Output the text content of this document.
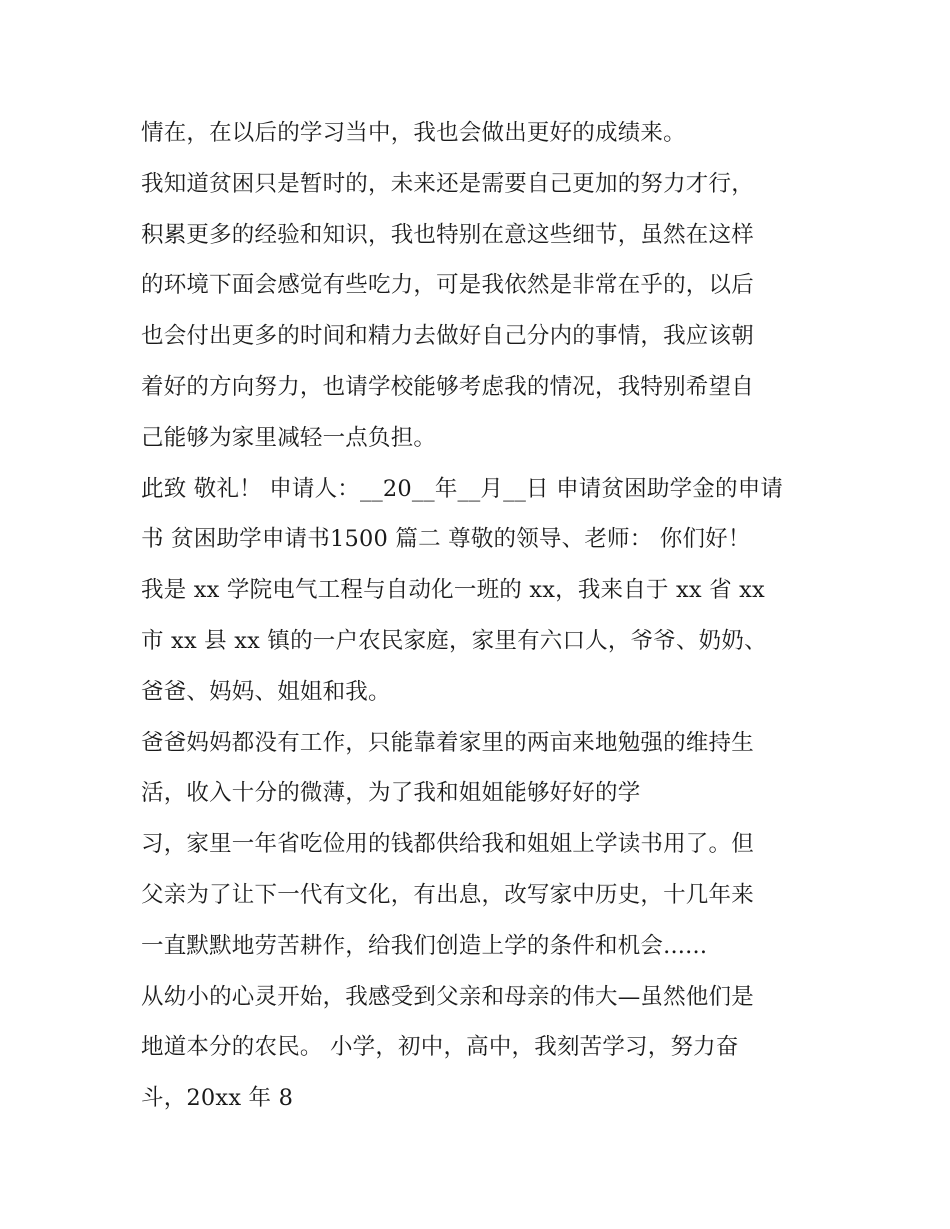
情在，在以后的学习当中，我也会做出更好的成绩来。
我知道贫困只是暂时的，未来还是需要自己更加的努力才行，
积累更多的经验和知识，我也特别在意这些细节，虽然在这样
的环境下面会感觉有些吃力，可是我依然是非常在乎的，以后
也会付出更多的时间和精力去做好自己分内的事情，我应该朝
着好的方向努力，也请学校能够考虑我的情况，我特别希望自
己能够为家里减轻一点负担。
此致 敬礼！ 申请人：__20__年__月__日 申请贫困助学金的申请
书 贫困助学申请书1500 篇二 尊敬的领导、老师： 你们好！
我是 xx 学院电气工程与自动化一班的 xx，我来自于 xx 省 xx
市 xx 县 xx 镇的一户农民家庭，家里有六口人，爷爷、奶奶、
爸爸、妈妈、姐姐和我。
爸爸妈妈都没有工作，只能靠着家里的两亩来地勉强的维持生
活，收入十分的微薄，为了我和姐姐能够好好的学
习，家里一年省吃俭用的钱都供给我和姐姐上学读书用了。但
父亲为了让下一代有文化，有出息，改写家中历史，十几年来
一直默默地劳苦耕作，给我们创造上学的条件和机会......
从幼小的心灵开始，我感受到父亲和母亲的伟大—虽然他们是
地道本分的农民。 小学，初中，高中，我刻苦学习，努力奋
斗，20xx 年 8
